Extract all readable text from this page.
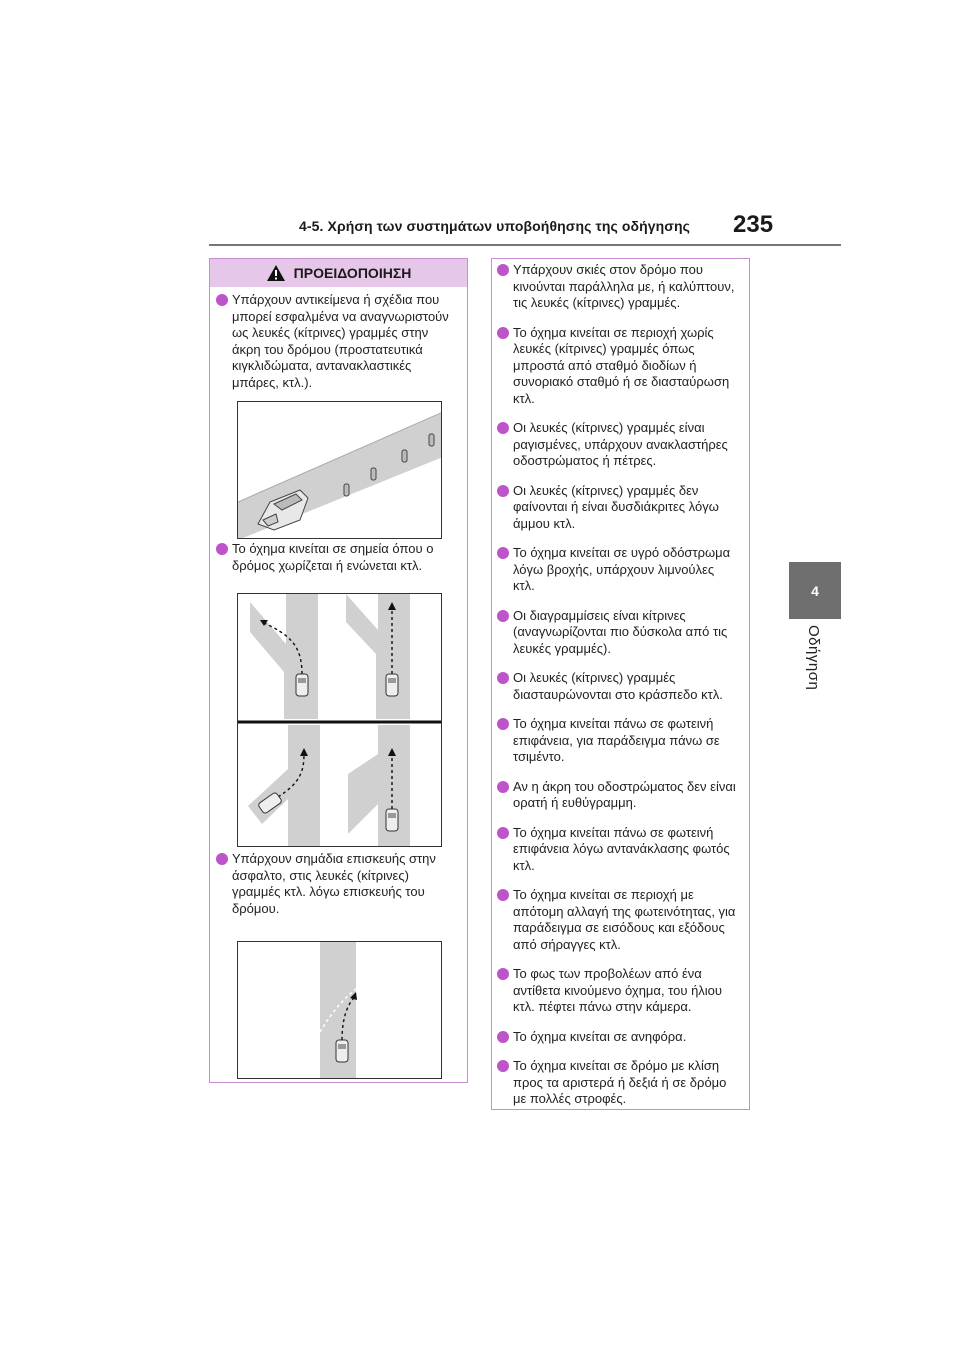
4-5. Χρήση των συστημάτων υποβοήθησης της οδήγησης 235
4
Οδήγηση
ΠΡΟΕΙΔΟΠΟΙΗΣΗ
Υπάρχουν αντικείμενα ή σχέδια που μπορεί εσφαλμένα να αναγνωριστούν ως λευκές (κίτρινες) γραμμές στην άκρη του δρόμου (προστατευτικά κιγκλιδώματα, αντανακλαστικές μπάρες, κτλ.).
Το όχημα κινείται σε σημεία όπου ο δρόμος χωρίζεται ή ενώνεται κτλ.
Υπάρχουν σημάδια επισκευής στην άσφαλτο, στις λευκές (κίτρινες) γραμμές κτλ. λόγω επισκευής του δρόμου.
Υπάρχουν σκιές στον δρόμο που κινούνται παράλληλα με, ή καλύπτουν, τις λευκές (κίτρινες) γραμμές.
Το όχημα κινείται σε περιοχή χωρίς λευκές (κίτρινες) γραμμές όπως μπροστά από σταθμό διοδίων ή συνοριακό σταθμό ή σε διασταύρωση κτλ.
Οι λευκές (κίτρινες) γραμμές είναι ραγισμένες, υπάρχουν ανακλαστήρες οδοστρώματος ή πέτρες.
Οι λευκές (κίτρινες) γραμμές δεν φαίνονται ή είναι δυσδιάκριτες λόγω άμμου κτλ.
Το όχημα κινείται σε υγρό οδόστρωμα λόγω βροχής, υπάρχουν λιμνούλες κτλ.
Οι διαγραμμίσεις είναι κίτρινες (αναγνωρίζονται πιο δύσκολα από τις λευκές γραμμές).
Οι λευκές (κίτρινες) γραμμές διασταυρώνονται στο κράσπεδο κτλ.
Το όχημα κινείται πάνω σε φωτεινή επιφάνεια, για παράδειγμα πάνω σε τσιμέντο.
Αν η άκρη του οδοστρώματος δεν είναι ορατή ή ευθύγραμμη.
Το όχημα κινείται πάνω σε φωτεινή επιφάνεια λόγω αντανάκλασης φωτός κτλ.
Το όχημα κινείται σε περιοχή με απότομη αλλαγή της φωτεινότητας, για παράδειγμα σε εισόδους και εξόδους από σήραγγες κτλ.
Το φως των προβολέων από ένα αντίθετα κινούμενο όχημα, του ήλιου κτλ. πέφτει πάνω στην κάμερα.
Το όχημα κινείται σε ανηφόρα.
Το όχημα κινείται σε δρόμο με κλίση προς τα αριστερά ή δεξιά ή σε δρόμο με πολλές στροφές.
